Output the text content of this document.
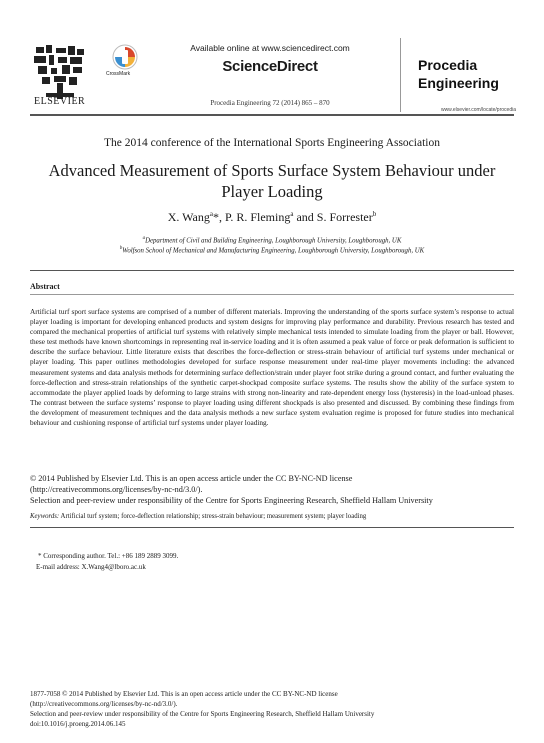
ELSEVIER
CrossMark
Available online at www.sciencedirect.com
ScienceDirect
Procedia Engineering 72 (2014) 865 – 870
Procedia
Engineering
www.elsevier.com/locate/procedia
The 2014 conference of the International Sports Engineering Association
Advanced Measurement of Sports Surface System Behaviour under
Player Loading
X. Wang$^a$*, P. R. Fleming$^a$ and S. Forrester$^b$
$^a$Department of Civil and Building Engineering, Loughborough University, Loughborough, UK
$^b$Wolfson School of Mechanical and Manufacturing Engineering, Loughborough University, Loughborough, UK
Abstract
Artificial turf sport surface systems are comprised of a number of different materials. Improving the understanding of the sports surface system’s response to actual player loading is important for developing enhanced products and system designs for improving play performance and durability. Previous research has tested and compared the mechanical properties of artificial turf systems with relatively simple mechanical tests intended to simulate loading from the player or ball. However, these test methods have known shortcomings in representing real in-service loading and it is often assumed a peak value of force or peak deformation is sufficient to describe the surface behaviour. Little literature exists that describes the force-deflection or stress-strain behaviour of artificial turf systems under mechanical or player loading. This paper outlines methodologies developed for surface response measurement under real-time player movements including: the advanced measurement systems and data analysis methods for determining surface deflection/strain under player foot strike during a ground contact, and further evaluating the force-deflection and stress-strain relationships of the synthetic carpet-shockpad composite surface systems. The results show the ability of the surface system to accommodate the player applied loads by deforming to large strains with strong non-linearity and rate-dependent energy loss (hysteresis) in the load-unload phases. The contrast between the surface systems’ response to player loading using different shockpads is also presented and discussed. By combining these findings from the development of measurement techniques and the data analysis methods a new surface system evaluation regime is proposed for future studies into mechanical behaviour and cushioning response of artificial turf systems under player loading.
© 2014 Published by Elsevier Ltd. This is an open access article under the CC BY-NC-ND license
(http://creativecommons.org/licenses/by-nc-nd/3.0/).
Selection and peer-review under responsibility of the Centre for Sports Engineering Research, Sheffield Hallam University
Keywords: Artificial turf system; force-deflection relationship; stress-strain behaviour; measurement system; player loading
* Corresponding author. Tel.: +86 189 2889 3099.
E-mail address: X.Wang4@lboro.ac.uk
1877-7058 © 2014 Published by Elsevier Ltd. This is an open access article under the CC BY-NC-ND license
(http://creativecommons.org/licenses/by-nc-nd/3.0/).
Selection and peer-review under responsibility of the Centre for Sports Engineering Research, Sheffield Hallam University
doi:10.1016/j.proeng.2014.06.145
